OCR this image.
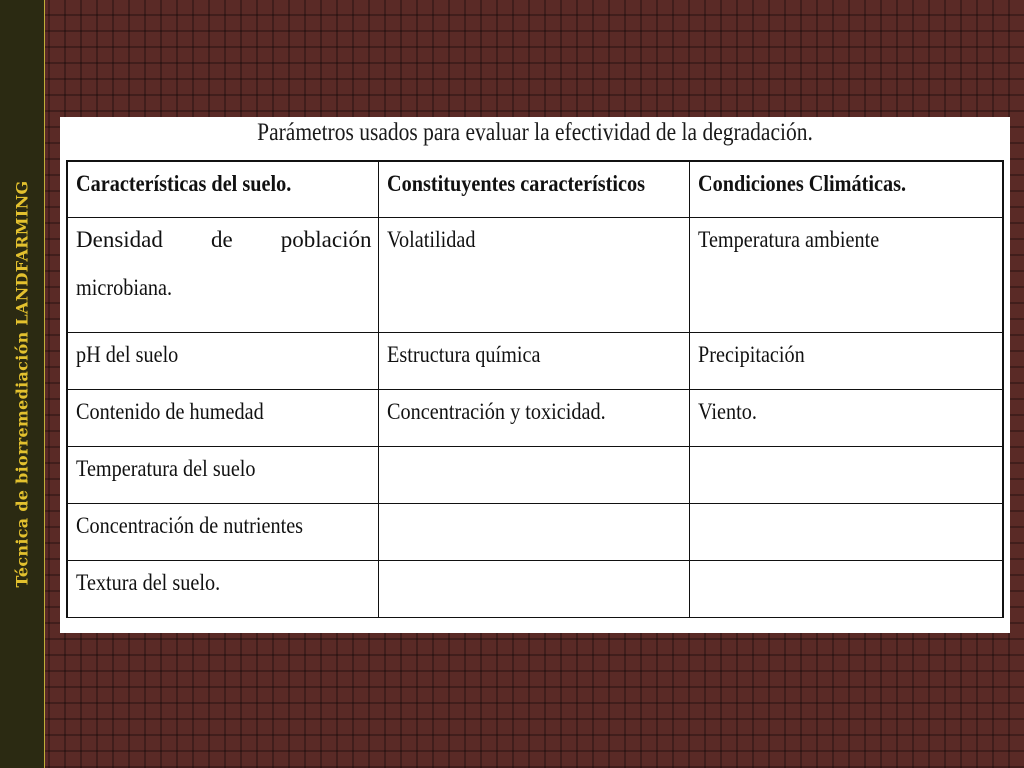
Técnica de biorremediación LANDFARMING
Parámetros usados para evaluar la efectividad de la degradación.
Características del suelo.	Constituyentes característicos	Condiciones Climáticas.

Densidad de población
microbiana.	Volatilidad	Temperatura ambiente
pH del suelo	Estructura química	Precipitación
Contenido de humedad	Concentración y toxicidad.	Viento.
Temperatura del suelo		
Concentración de nutrientes		
Textura del suelo.		
